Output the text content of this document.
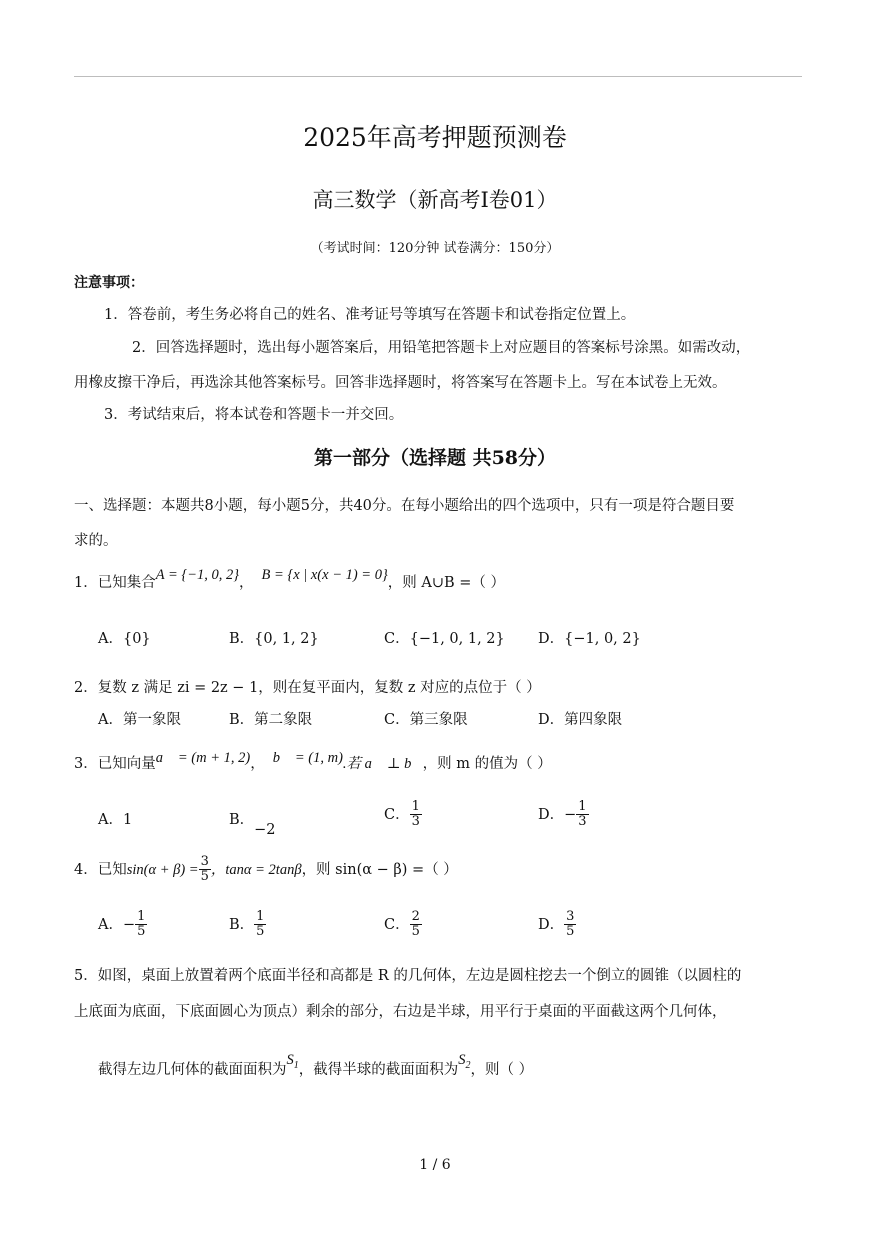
2025年高考押题预测卷
高三数学（新高考Ⅰ卷01）
（考试时间：120分钟 试卷满分：150分）
注意事项：
1．答卷前，考生务必将自己的姓名、准考证号等填写在答题卡和试卷指定位置上。
2．回答选择题时，选出每小题答案后，用铅笔把答题卡上对应题目的答案标号涂黑。如需改动，
用橡皮擦干净后，再选涂其他答案标号。回答非选择题时，将答案写在答题卡上。写在本试卷上无效。
3．考试结束后，将本试卷和答题卡一并交回。
第一部分（选择题 共58分）
一、选择题：本题共8小题，每小题5分，共40分。在每小题给出的四个选项中，只有一项是符合题目要
求的。
1．已知集合A = {−1, 0, 2}， B = {x | x(x − 1) = 0}，则 A∪B =（ ）
A．{0}	B．{0, 1, 2}	C．{−1, 0, 1, 2} D．{−1, 0, 2}
2．复数 z 满足 zi = 2z − 1，则在复平面内，复数 z 对应的点位于（ ）
A．第一象限	B．第二象限	C．第三象限	D．第四象限
3．已知向量a⃗ = (m + 1, 2)， b⃗ = (1, m).若 a⃗ ⊥ b⃗，则 m 的值为（ ）
A．1	B．−2
C． $\frac{1}{3}$	D．− $\frac{1}{3}$
4．已知$\sin(\alpha + \beta) = \frac{3}{5}$ ，tanα = 2tanβ，则 sin(α − β) =（ ）
A．− $\frac{1}{5}$	B． $\frac{1}{5}$	C． $\frac{2}{5}$	D． $\frac{3}{5}$
5．如图，桌面上放置着两个底面半径和高都是 R 的几何体，左边是圆柱挖去一个倒立的圆锥（以圆柱的
上底面为底面，下底面圆心为顶点）剩余的部分，右边是半球，用平行于桌面的平面截这两个几何体，
截得左边几何体的截面面积为$S_1$，截得半球的截面面积为$S_2$，则（ ）
1 / 6
